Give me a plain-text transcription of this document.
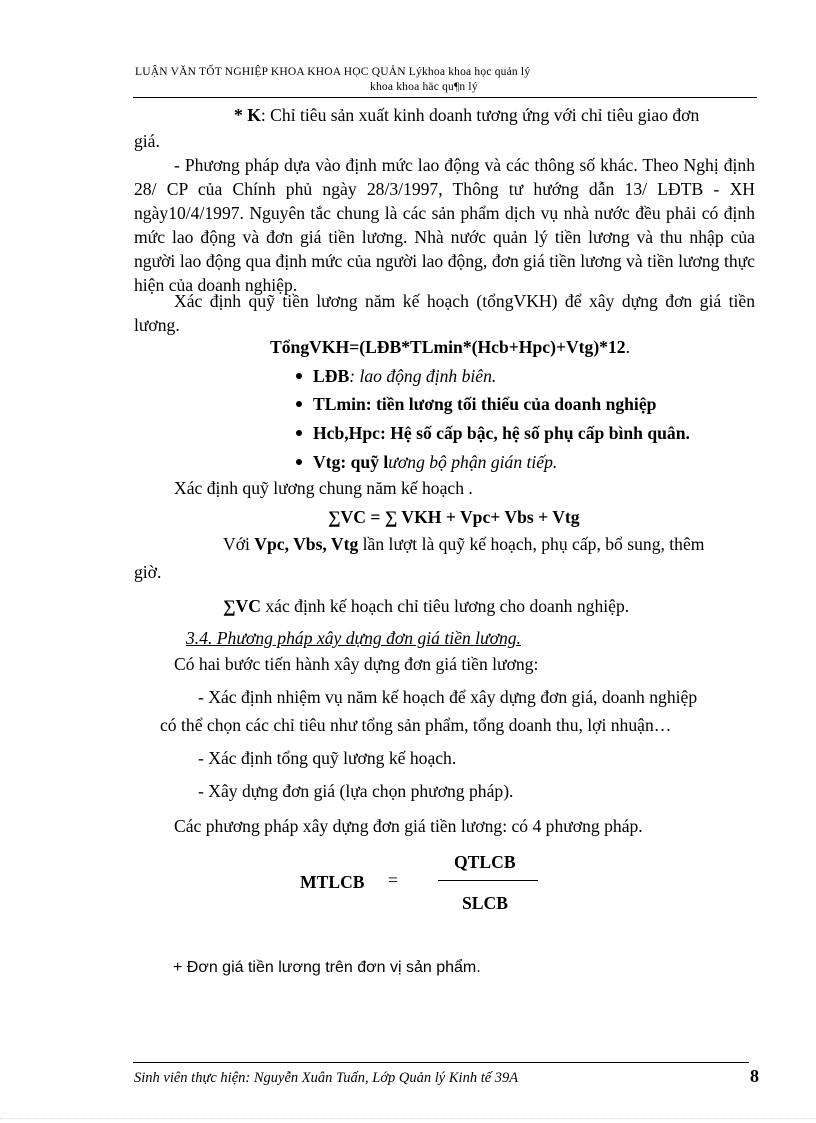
LUẬN VĂN TỐT NGHIỆP KHOA KHOA HỌC QUẢN Lýkhoa khoa học quản lý
khoa khoa häc qu¶n lý
* K: Chỉ tiêu sản xuất kinh doanh tương ứng với chỉ tiêu giao đơn
giá.
- Phương pháp dựa vào định mức lao động và các thông số khác. Theo Nghị định 28/ CP của Chính phủ ngày 28/3/1997, Thông tư hướng dẫn 13/ LĐTB - XH ngày10/4/1997. Nguyên tắc chung là các sản phẩm dịch vụ nhà nước đều phải có định mức lao động và đơn giá tiền lương. Nhà nước quản lý tiền lương và thu nhập của người lao động qua định mức của người lao động, đơn giá tiền lương và tiền lương thực hiện của doanh nghiệp.
Xác định quỹ tiền lương năm kế hoạch (tổngVKH) để xây dựng đơn giá tiền lương.
TổngVKH=(LĐB*TLmin*(Hcb+Hpc)+Vtg)*12.
LĐB: lao động định biên.
TLmin: tiền lương tối thiểu của doanh nghiệp
Hcb,Hpc: Hệ số cấp bậc, hệ số phụ cấp bình quân.
Vtg: quỹ lương bộ phận gián tiếp.
Xác định quỹ lương chung năm kế hoạch .
∑VC = ∑ VKH + Vpc+ Vbs + Vtg
Với Vpc, Vbs, Vtg lần lượt là quỹ kế hoạch, phụ cấp, bổ sung, thêm
giờ.
∑VC xác định kế hoạch chỉ tiêu lương cho doanh nghiệp.
3.4. Phương pháp xây dựng đơn giá tiền lương.
Có hai bước tiến hành xây dựng đơn giá tiền lương:
- Xác định nhiệm vụ năm kế hoạch để xây dựng đơn giá, doanh nghiệp
có thể chọn các chỉ tiêu như tổng sản phẩm, tổng doanh thu, lợi nhuận…
- Xác định tổng quỹ lương kế hoạch.
- Xây dựng đơn giá (lựa chọn phương pháp).
Các phương pháp xây dựng đơn giá tiền lương: có 4 phương pháp.
MTLCB =
QTLCB
SLCB
+ Đơn giá tiền lương trên đơn vị sản phẩm.
Sinh viên thực hiện: Nguyễn Xuân Tuấn, Lớp Quản lý Kinh tế 39A	8
